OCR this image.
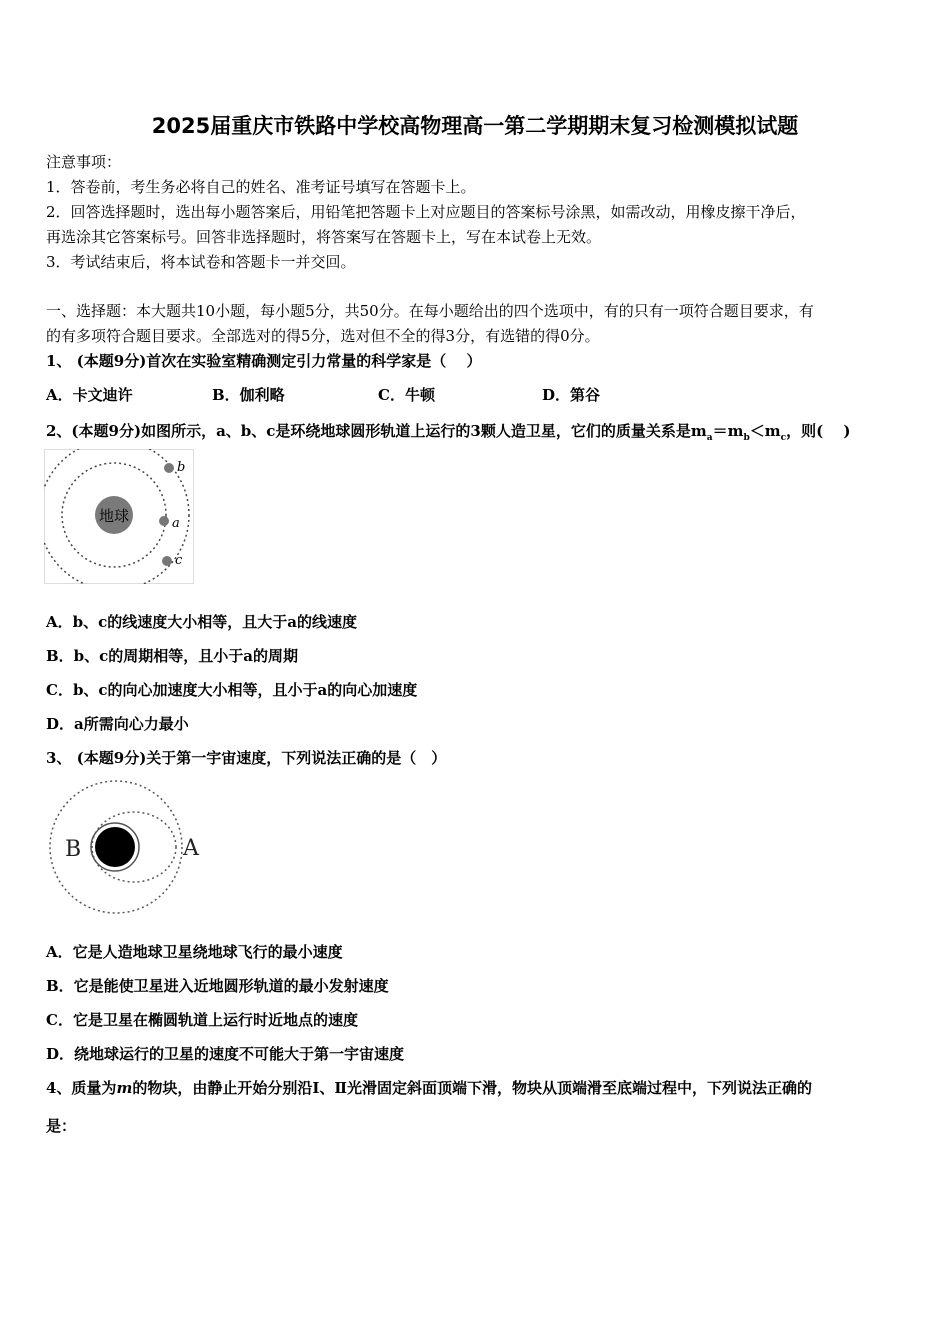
2025届重庆市铁路中学校高物理高一第二学期期末复习检测模拟试题
注意事项：
1．答卷前，考生务必将自己的姓名、准考证号填写在答题卡上。
2．回答选择题时，选出每小题答案后，用铅笔把答题卡上对应题目的答案标号涂黑，如需改动，用橡皮擦干净后，
再选涂其它答案标号。回答非选择题时，将答案写在答题卡上，写在本试卷上无效。
3．考试结束后，将本试卷和答题卡一并交回。
一、选择题：本大题共10小题，每小题5分，共50分。在每小题给出的四个选项中，有的只有一项符合题目要求，有
的有多项符合题目要求。全部选对的得5分，选对但不全的得3分，有选错的得0分。
1、 (本题9分)首次在实验室精确测定引力常量的科学家是（　 ）
A．卡文迪许	B．伽利略	C．牛顿	D．第谷
2、(本题9分)如图所示，a、b、c是环绕地球圆形轨道上运行的3颗人造卫星，它们的质量关系是$m_a=m_b<m_c$，则(　 )
地球
b
a
c
A．b、c的线速度大小相等，且大于a的线速度
B．b、c的周期相等，且小于a的周期
C．b、c的向心加速度大小相等，且小于a的向心加速度
D．a所需向心力最小
3、 (本题9分)关于第一宇宙速度，下列说法正确的是（　）
B	A
A．它是人造地球卫星绕地球飞行的最小速度
B．它是能使卫星进入近地圆形轨道的最小发射速度
C．它是卫星在椭圆轨道上运行时近地点的速度
D．绕地球运行的卫星的速度不可能大于第一宇宙速度
4、质量为m的物块，由静止开始分别沿Ⅰ、Ⅱ光滑固定斜面顶端下滑，物块从顶端滑至底端过程中，下列说法正确的
是：
